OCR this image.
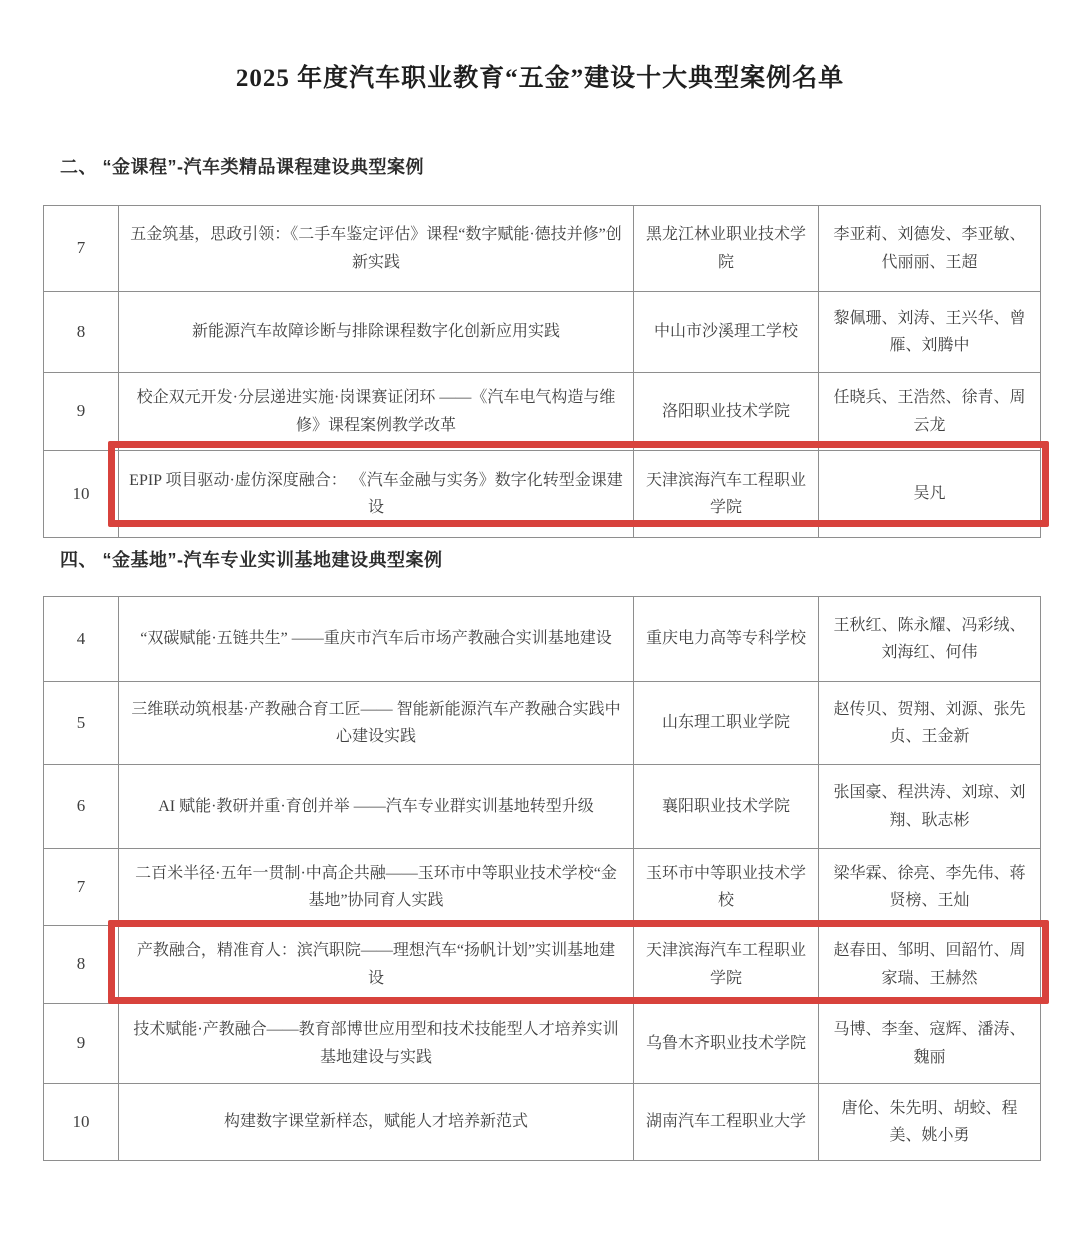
2025 年度汽车职业教育“五金”建设十大典型案例名单
二、 “金课程”-汽车类精品课程建设典型案例
7	五金筑基，思政引领：《二手车鉴定评估》课程“数字赋能·德技并修”创新实践	黑龙江林业职业技术学院	李亚莉、刘德发、李亚敏、代丽丽、王超
8	新能源汽车故障诊断与排除课程数字化创新应用实践	中山市沙溪理工学校	黎佩珊、刘涛、王兴华、曾雁、刘腾中
9	校企双元开发·分层递进实施·岗课赛证闭环 ——《汽车电气构造与维修》课程案例教学改革	洛阳职业技术学院	任晓兵、王浩然、徐青、周云龙
10	EPIP 项目驱动·虚仿深度融合： 《汽车金融与实务》数字化转型金课建设	天津滨海汽车工程职业学院	吴凡
四、 “金基地”-汽车专业实训基地建设典型案例
4	“双碳赋能·五链共生” ——重庆市汽车后市场产教融合实训基地建设	重庆电力高等专科学校	王秋红、陈永耀、冯彩绒、刘海红、何伟
5	三维联动筑根基·产教融合育工匠—— 智能新能源汽车产教融合实践中心建设实践	山东理工职业学院	赵传贝、贺翔、刘源、张先贞、王金新
6	AI 赋能·教研并重·育创并举 ——汽车专业群实训基地转型升级	襄阳职业技术学院	张国豪、程洪涛、刘琼、刘翔、耿志彬
7	二百米半径·五年一贯制·中高企共融——玉环市中等职业技术学校“金基地”协同育人实践	玉环市中等职业技术学校	梁华霖、徐亮、李先伟、蒋贤榜、王灿
8	产教融合，精准育人：滨汽职院——理想汽车“扬帆计划”实训基地建设	天津滨海汽车工程职业学院	赵春田、邹明、回韶竹、周家瑞、王赫然
9	技术赋能·产教融合——教育部博世应用型和技术技能型人才培养实训基地建设与实践	乌鲁木齐职业技术学院	马博、李奎、寇辉、潘涛、魏丽
10	构建数字课堂新样态，赋能人才培养新范式	湖南汽车工程职业大学	唐伦、朱先明、胡蛟、程美、姚小勇
